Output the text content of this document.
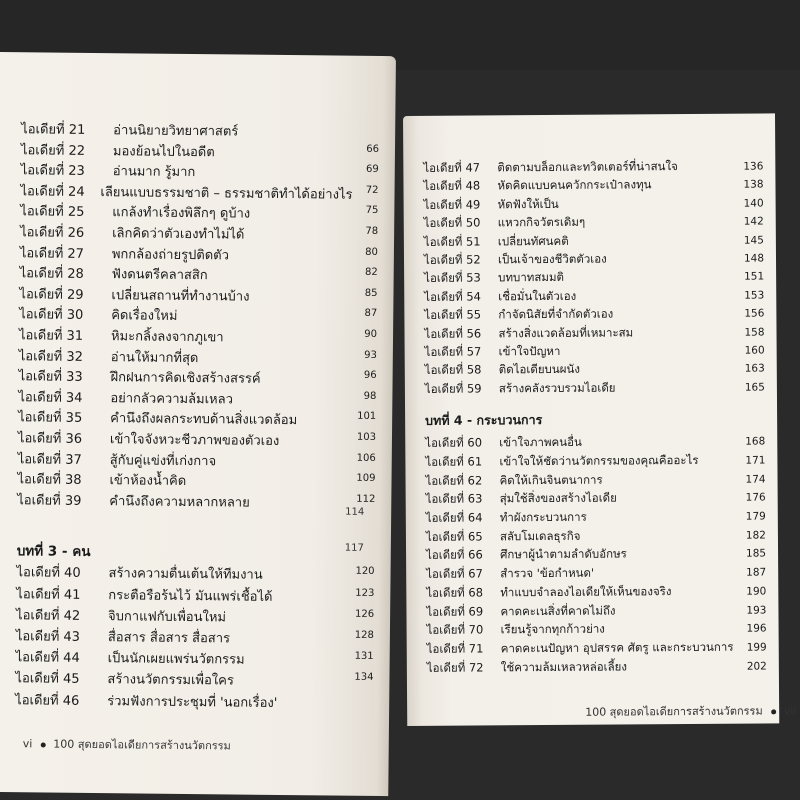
ไอเดียที่ 21	อ่านนิยายวิทยาศาสตร์
ไอเดียที่ 22	มองย้อนไปในอดีต	66
ไอเดียที่ 23	อ่านมาก รู้มาก	69
ไอเดียที่ 24	เลียนแบบธรรมชาติ – ธรรมชาติทำได้อย่างไร	72
ไอเดียที่ 25	แกล้งทำเรื่องพิลึกๆ ดูบ้าง	75
ไอเดียที่ 26	เลิกคิดว่าตัวเองทำไม่ได้	78
ไอเดียที่ 27	พกกล้องถ่ายรูปติดตัว	80
ไอเดียที่ 28	ฟังดนตรีคลาสสิก	82
ไอเดียที่ 29	เปลี่ยนสถานที่ทำงานบ้าง	85
ไอเดียที่ 30	คิดเรื่องใหม่	87
ไอเดียที่ 31	หิมะกลิ้งลงจากภูเขา	90
ไอเดียที่ 32	อ่านให้มากที่สุด	93
ไอเดียที่ 33	ฝึกฝนการคิดเชิงสร้างสรรค์	96
ไอเดียที่ 34	อย่ากลัวความล้มเหลว	98
ไอเดียที่ 35	คำนึงถึงผลกระทบด้านสิ่งแวดล้อม	101
ไอเดียที่ 36	เข้าใจจังหวะชีวภาพของตัวเอง	103
ไอเดียที่ 37	สู้กับคู่แข่งที่เก่งกาจ	106
ไอเดียที่ 38	เข้าห้องน้ำคิด	109
ไอเดียที่ 39	คำนึงถึงความหลากหลาย	112
114
บทที่ 3 - คน	117
ไอเดียที่ 40	สร้างความตื่นเต้นให้ทีมงาน	120
ไอเดียที่ 41	กระตือรือร้นไว้ มันแพร่เชื้อได้	123
ไอเดียที่ 42	จิบกาแฟกับเพื่อนใหม่	126
ไอเดียที่ 43	สื่อสาร สื่อสาร สื่อสาร	128
ไอเดียที่ 44	เป็นนักเผยแพร่นวัตกรรม	131
ไอเดียที่ 45	สร้างนวัตกรรมเพื่อใคร	134
ไอเดียที่ 46	ร่วมฟังการประชุมที่ 'นอกเรื่อง'
vi 100 สุดยอดไอเดียการสร้างนวัตกรรม
ไอเดียที่ 47	ติดตามบล็อกและทวิตเตอร์ที่น่าสนใจ	136
ไอเดียที่ 48	หัดคิดแบบคนควักกระเป๋าลงทุน	138
ไอเดียที่ 49	หัดฟังให้เป็น	140
ไอเดียที่ 50	แหวกกิจวัตรเดิมๆ	142
ไอเดียที่ 51	เปลี่ยนทัศนคติ	145
ไอเดียที่ 52	เป็นเจ้าของชีวิตตัวเอง	148
ไอเดียที่ 53	บทบาทสมมติ	151
ไอเดียที่ 54	เชื่อมั่นในตัวเอง	153
ไอเดียที่ 55	กำจัดนิสัยที่จำกัดตัวเอง	156
ไอเดียที่ 56	สร้างสิ่งแวดล้อมที่เหมาะสม	158
ไอเดียที่ 57	เข้าใจปัญหา	160
ไอเดียที่ 58	ติดไอเดียบนผนัง	163
ไอเดียที่ 59	สร้างคลังรวบรวมไอเดีย	165
บทที่ 4 - กระบวนการ
ไอเดียที่ 60	เข้าใจภาพคนอื่น	168
ไอเดียที่ 61	เข้าใจให้ชัดว่านวัตกรรมของคุณคืออะไร	171
ไอเดียที่ 62	คิดให้เกินจินตนาการ	174
ไอเดียที่ 63	สุ่มใช้สิ่งของสร้างไอเดีย	176
ไอเดียที่ 64	ทำผังกระบวนการ	179
ไอเดียที่ 65	สลับโมเดลธุรกิจ	182
ไอเดียที่ 66	ศึกษาผู้นำตามลำดับอักษร	185
ไอเดียที่ 67	สำรวจ 'ข้อกำหนด'	187
ไอเดียที่ 68	ทำแบบจำลองไอเดียให้เห็นของจริง	190
ไอเดียที่ 69	คาดคะเนสิ่งที่คาดไม่ถึง	193
ไอเดียที่ 70	เรียนรู้จากทุกก้าวย่าง	196
ไอเดียที่ 71	คาดคะเนปัญหา อุปสรรค ศัตรู และกระบวนการ	199
ไอเดียที่ 72	ใช้ความล้มเหลวหล่อเลี้ยง	202
100 สุดยอดไอเดียการสร้างนวัตกรรม vii
